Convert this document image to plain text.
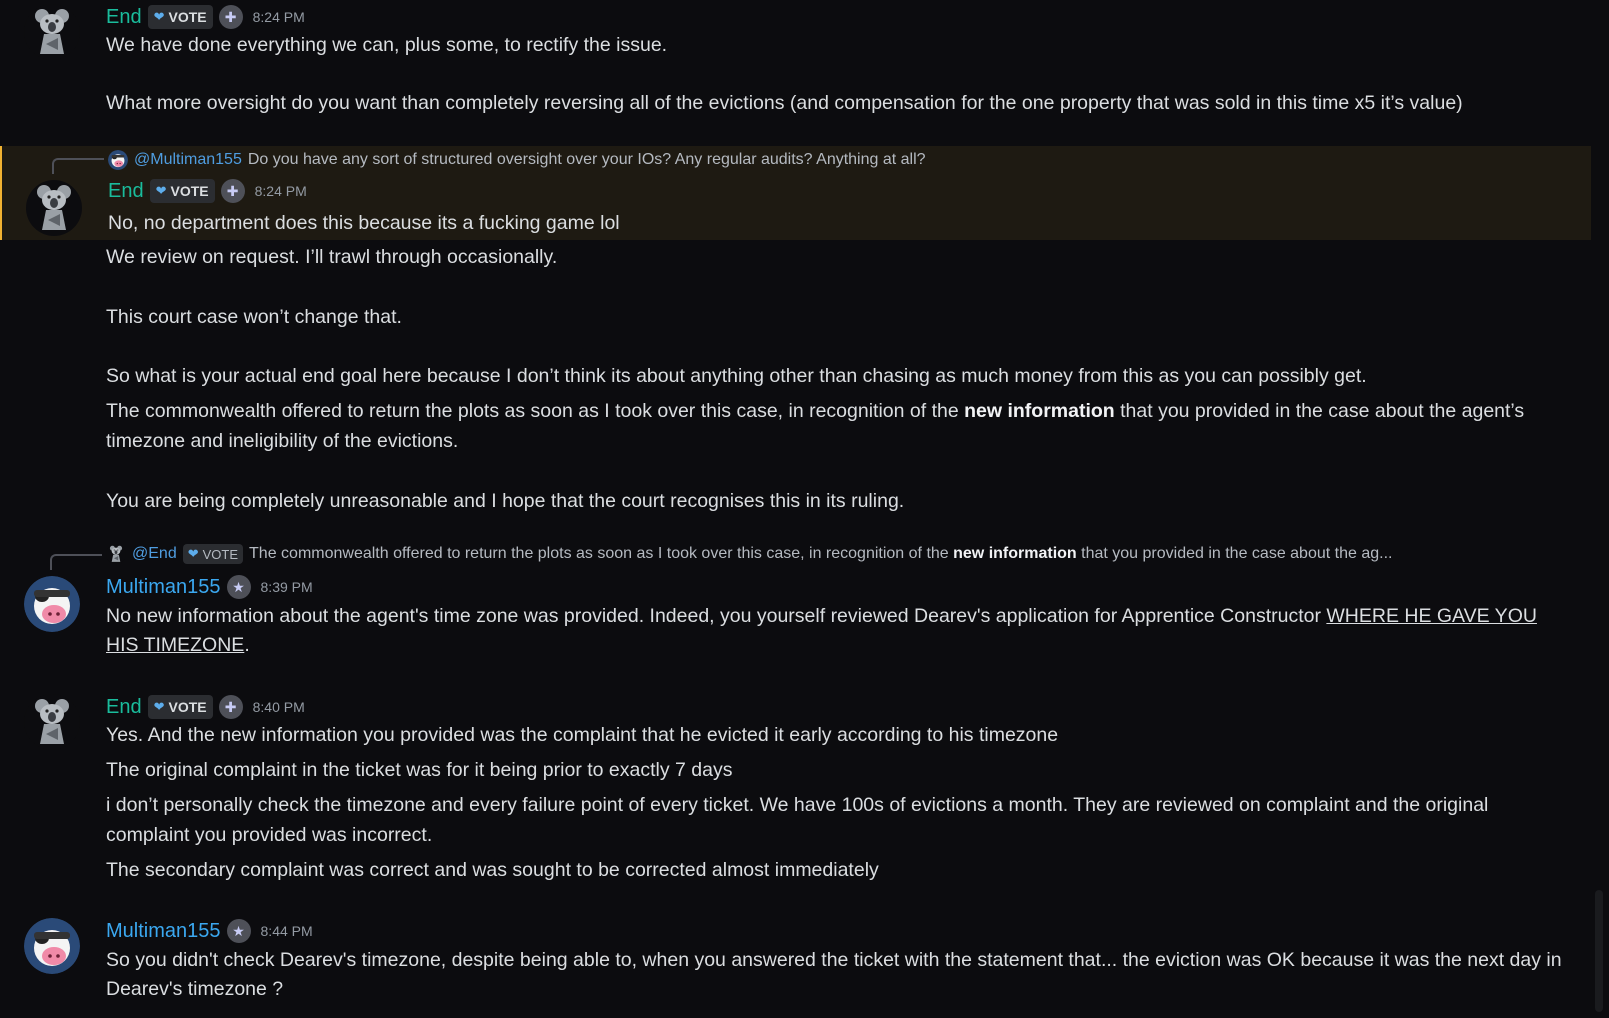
End ❤ VOTE	✚	8:24 PM
We have done everything we can, plus some, to rectify the issue.
What more oversight do you want than completely reversing all of the evictions (and compensation for the one property that was sold in this time x5 it’s value)
@Multiman155 Do you have any sort of structured oversight over your IOs? Any regular audits? Anything at all?
End ❤ VOTE	✚	8:24 PM
No, no department does this because its a fucking game lol
We review on request. I’ll trawl through occasionally.
This court case won’t change that.
So what is your actual end goal here because I don’t think its about anything other than chasing as much money from this as you can possibly get.
The commonwealth offered to return the plots as soon as I took over this case, in recognition of the new information that you provided in the case about the agent’s timezone and ineligibility of the evictions.
You are being completely unreasonable and I hope that the court recognises this in its ruling.
@End ❤ VOTE The commonwealth offered to return the plots as soon as I took over this case, in recognition of the new information that you provided in the case about the ag...
Multiman155 ★	8:39 PM
No new information about the agent's time zone was provided. Indeed, you yourself reviewed Dearev's application for Apprentice Constructor WHERE HE GAVE YOU HIS TIMEZONE.
End ❤ VOTE	✚	8:40 PM
Yes. And the new information you provided was the complaint that he evicted it early according to his timezone
The original complaint in the ticket was for it being prior to exactly 7 days
i don’t personally check the timezone and every failure point of every ticket. We have 100s of evictions a month. They are reviewed on complaint and the original complaint you provided was incorrect.
The secondary complaint was correct and was sought to be corrected almost immediately
Multiman155 ★	8:44 PM
So you didn't check Dearev's timezone, despite being able to, when you answered the ticket with the statement that... the eviction was OK because it was the next day in Dearev's timezone ?
